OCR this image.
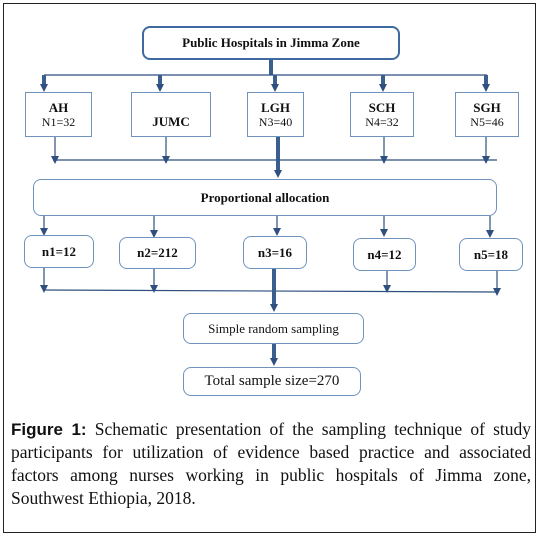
Public Hospitals in Jimma Zone
AH
N1=32	JUMC
LGH
N3=40
SCH
N4=32
SGH
N5=46
Proportional allocation
n1=12	n2=212	n3=16	n4=12	n5=18
Simple random sampling
Total sample size=270
Figure 1: Schematic presentation of the sampling technique of study participants for utilization of evidence based practice and associated factors among nurses working in public hospitals of Jimma zone, Southwest Ethiopia, 2018.
